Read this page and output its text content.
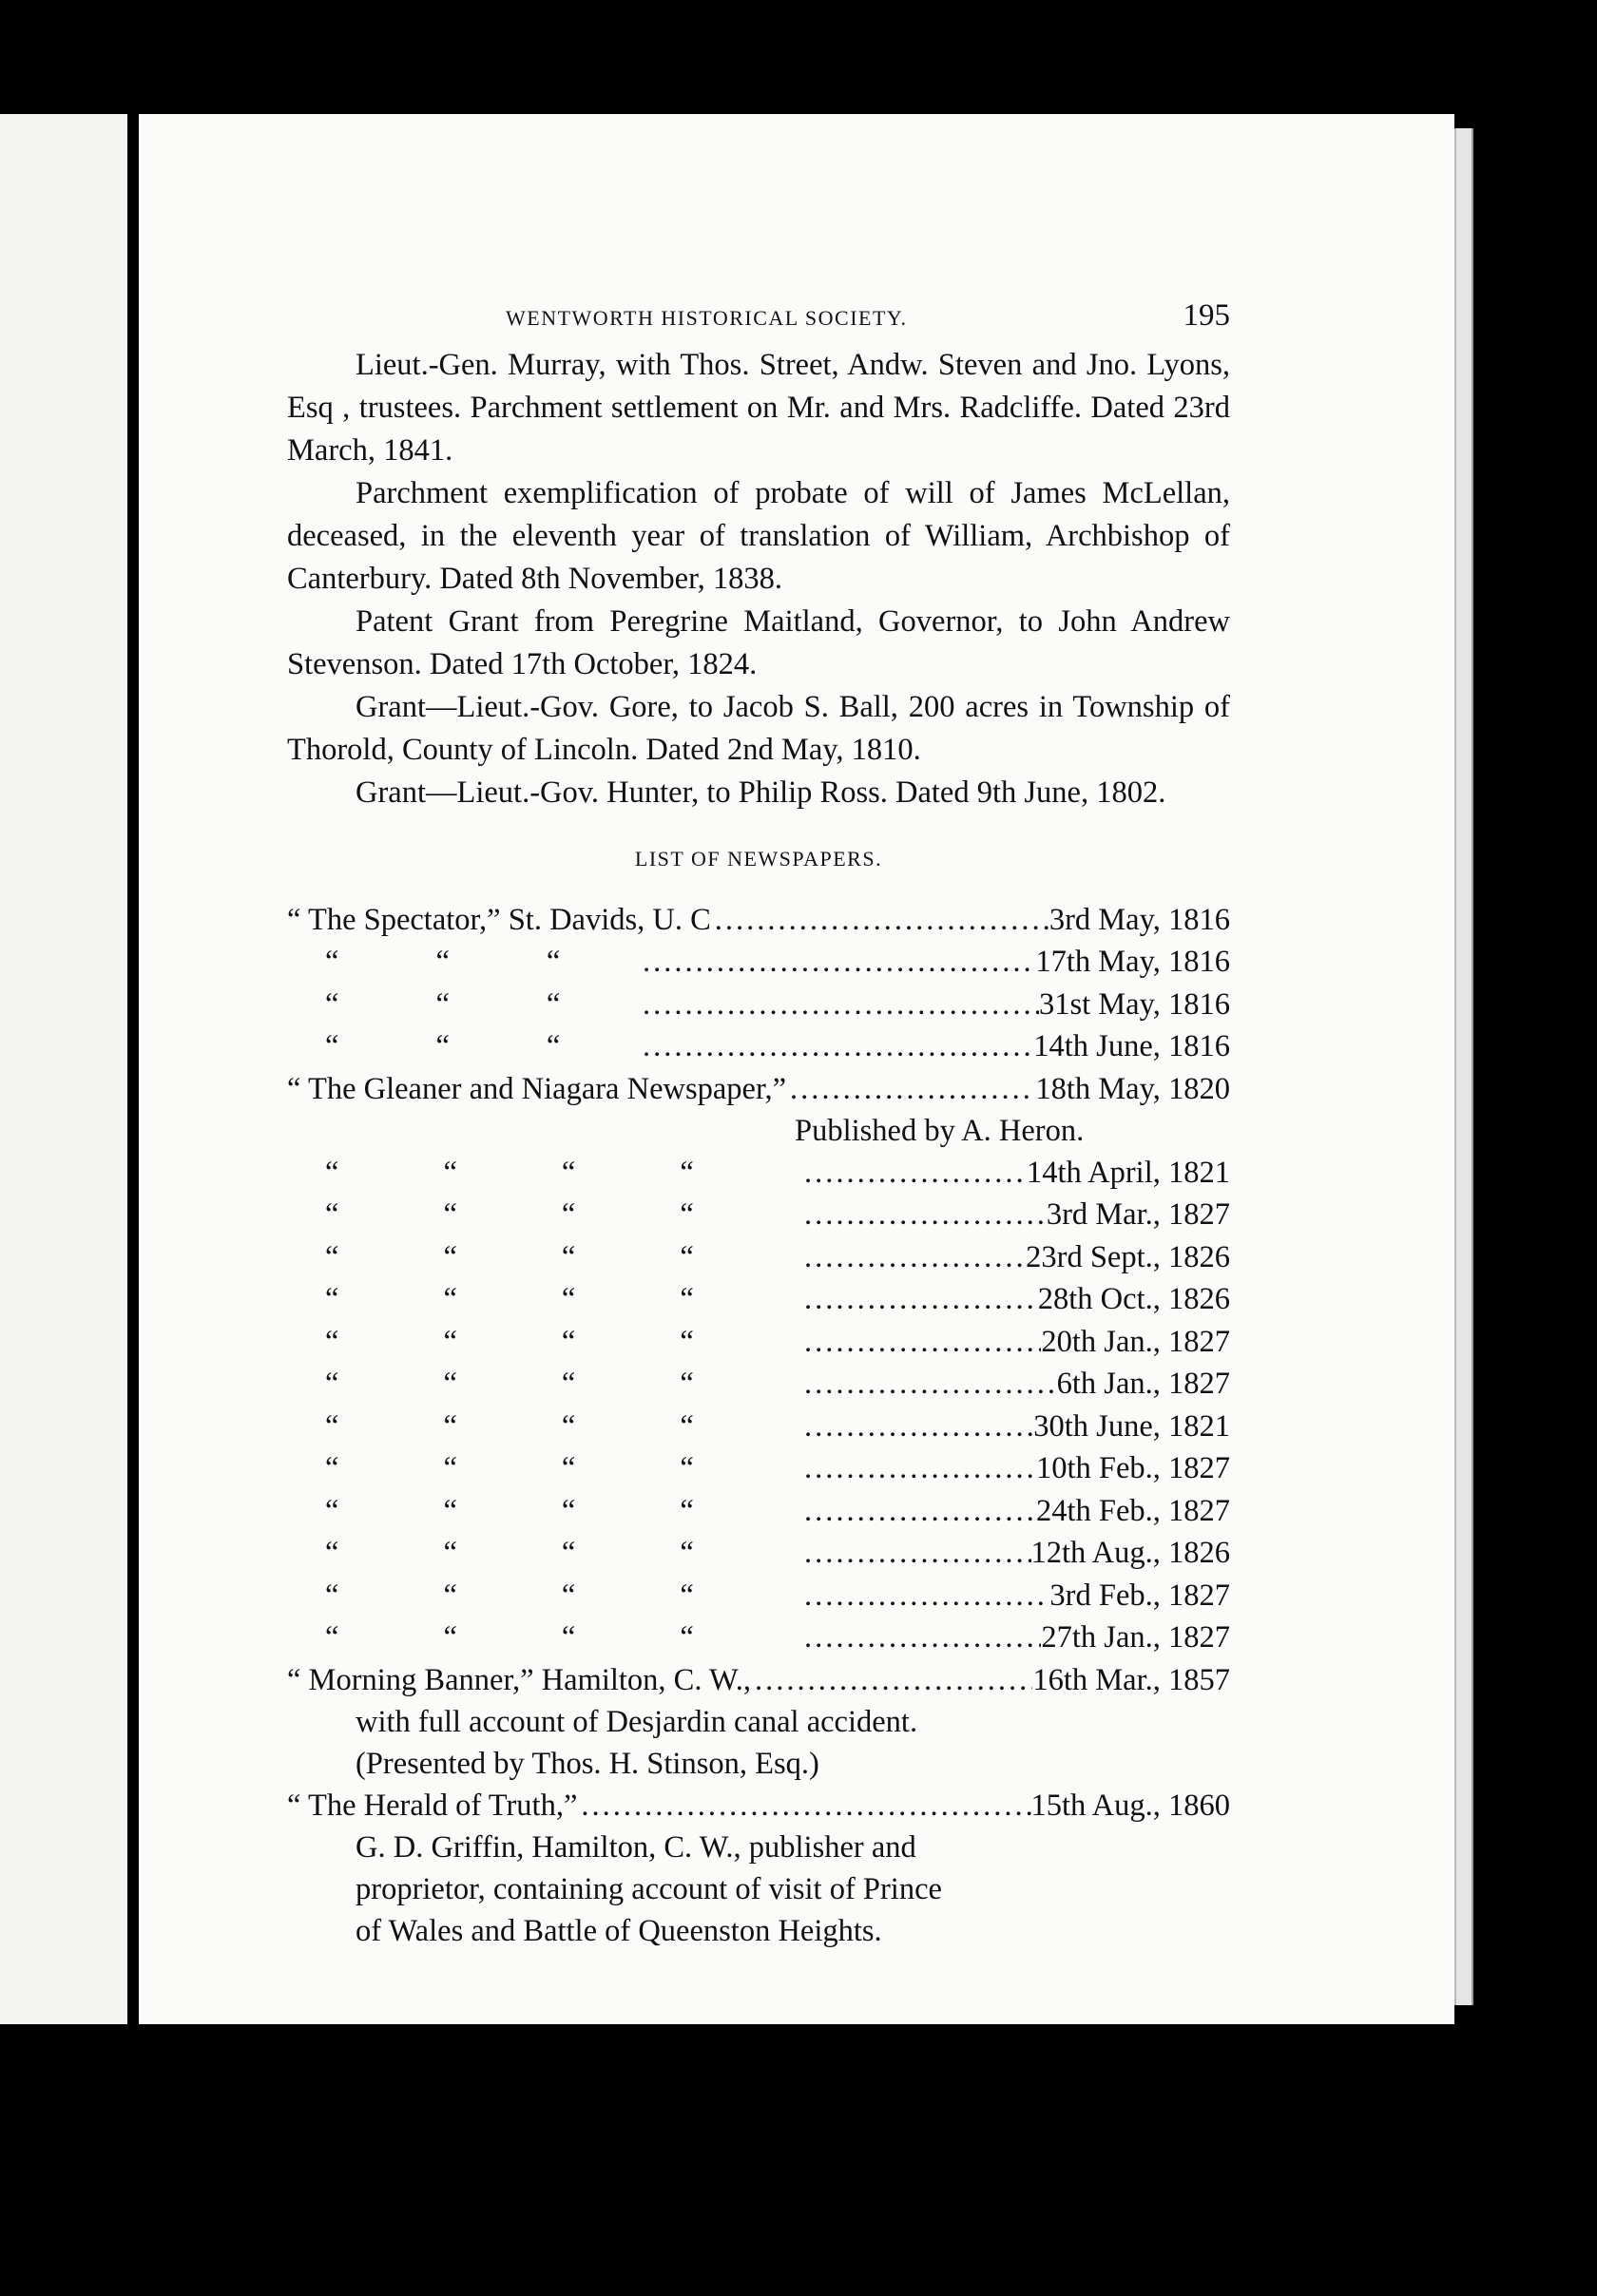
WENTWORTH HISTORICAL SOCIETY.	195

Lieut.-Gen. Murray, with Thos. Street, Andw. Steven and Jno. Lyons, Esq , trustees. Parchment settlement on Mr. and Mrs. Radcliffe. Dated 23rd March, 1841.

Parchment exemplification of probate of will of James McLellan, deceased, in the eleventh year of translation of William, Archbishop of Canterbury. Dated 8th November, 1838.

Patent Grant from Peregrine Maitland, Governor, to John Andrew Stevenson. Dated 17th October, 1824.

Grant—Lieut.-Gov. Gore, to Jacob S. Ball, 200 acres in Township of Thorold, County of Lincoln. Dated 2nd May, 1810.

Grant—Lieut.-Gov. Hunter, to Philip Ross. Dated 9th June, 1802.

LIST OF NEWSPAPERS.
“ The Spectator,” St. Davids, U. C .....	3rd May, 1816
“	“	“ .....	17th May, 1816
“	“	“ .....	31st May, 1816
“	“	“ .....	14th June, 1816
“ The Gleaner and Niagara Newspaper,” .....	18th May, 1820
Published by A. Heron.
“	“	“	“ .....	14th April, 1821
“	“	“	“ .....	3rd Mar., 1827
“	“	“	“ .....	23rd Sept., 1826
“	“	“	“ .....	28th Oct., 1826
“	“	“	“ .....	20th Jan., 1827
“	“	“	“ .....	6th Jan., 1827
“	“	“	“ .....	30th June, 1821
“	“	“	“ .....	10th Feb., 1827
“	“	“	“ .....	24th Feb., 1827
“	“	“	“ .....	12th Aug., 1826
“	“	“	“ .....	3rd Feb., 1827
“	“	“	“ .....	27th Jan., 1827
“ Morning Banner,” Hamilton, C. W., .....	16th Mar., 1857
with full account of Desjardin canal accident.
(Presented by Thos. H. Stinson, Esq.)
“ The Herald of Truth,” .....	15th Aug., 1860
G. D. Griffin, Hamilton, C. W., publisher and
proprietor, containing account of visit of Prince
of Wales and Battle of Queenston Heights.
